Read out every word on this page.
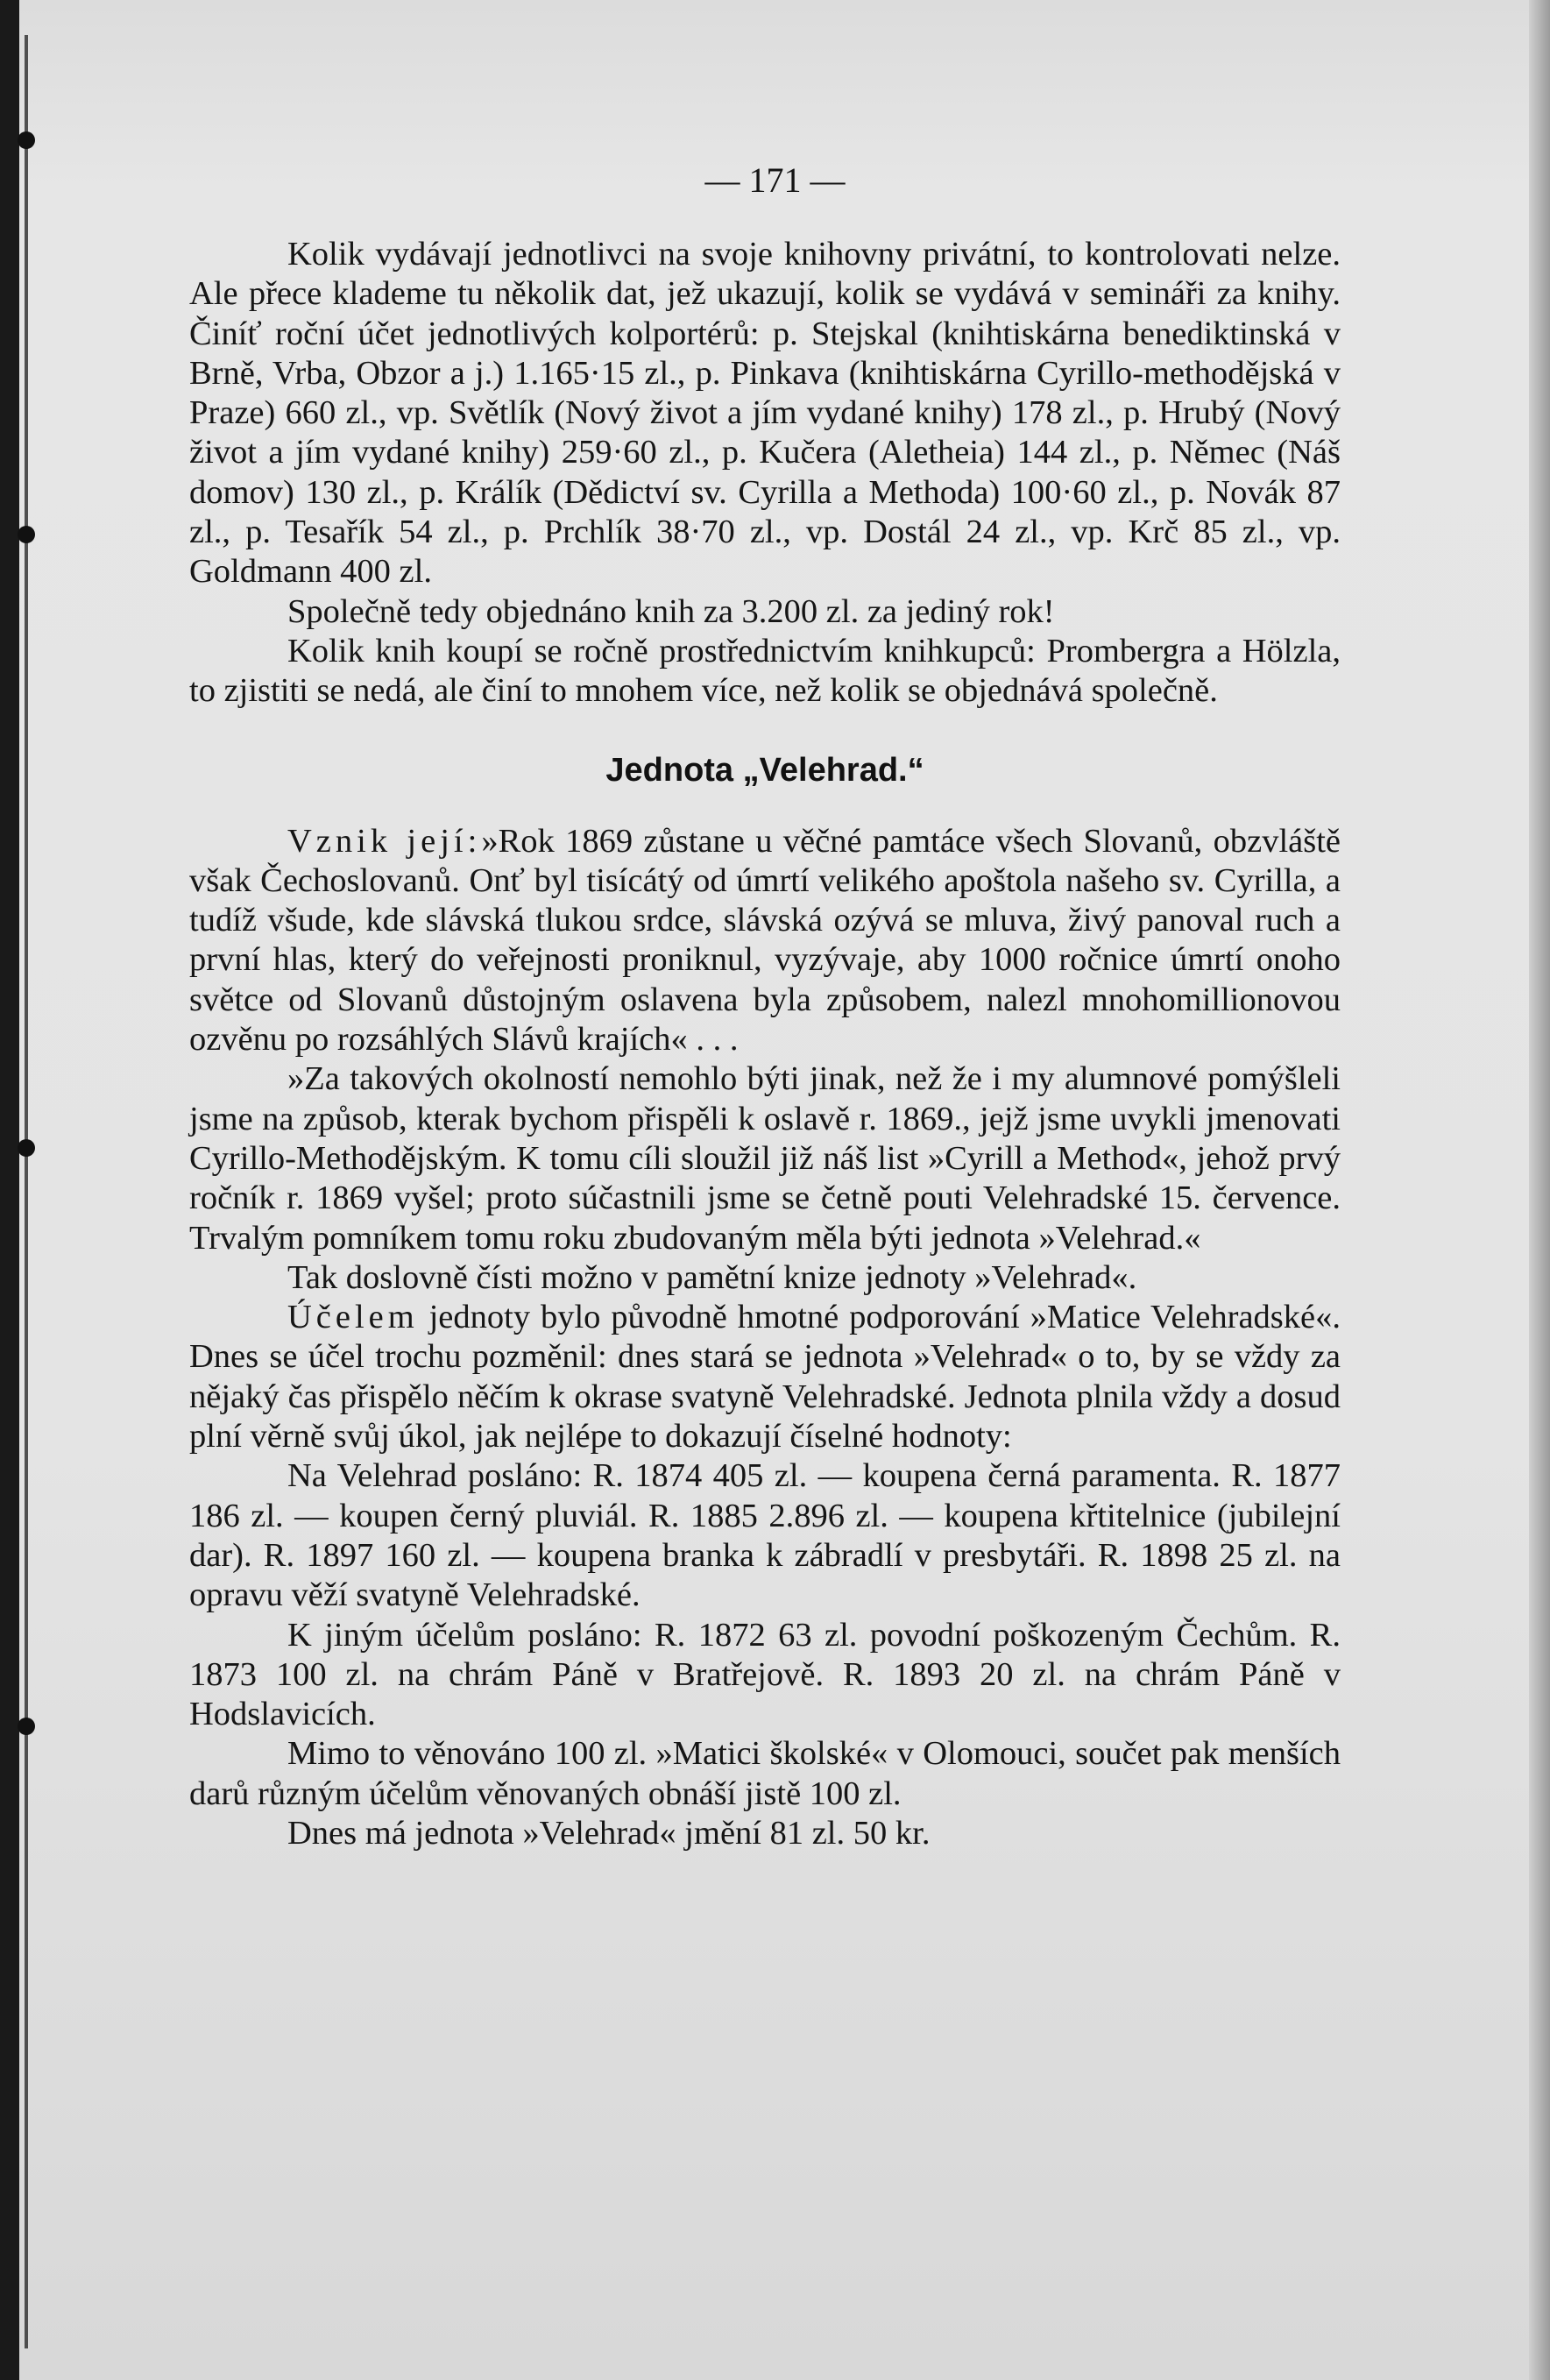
— 171 —

Kolik vydávají jednotlivci na svoje knihovny privátní, to kontrolovati nelze. Ale přece klademe tu několik dat, jež ukazují, kolik se vydává v semináři za knihy. Činíť roční účet jednotlivých kolportérů: p. Stejskal (knihtiskárna benediktinská v Brně, Vrba, Obzor a j.) 1.165·15 zl., p. Pinkava (knihtiskárna Cyrillo-methodějská v Praze) 660 zl., vp. Světlík (Nový život a jím vydané knihy) 178 zl., p. Hrubý (Nový život a jím vydané knihy) 259·60 zl., p. Kučera (Aletheia) 144 zl., p. Němec (Náš domov) 130 zl., p. Králík (Dědictví sv. Cyrilla a Methoda) 100·60 zl., p. Novák 87 zl., p. Tesařík 54 zl., p. Prchlík 38·70 zl., vp. Dostál 24 zl., vp. Krč 85 zl., vp. Goldmann 400 zl.

Společně tedy objednáno knih za 3.200 zl. za jediný rok!

Kolik knih koupí se ročně prostřednictvím knihkupců: Prombergra a Hölzla, to zjistiti se nedá, ale činí to mnohem více, než kolik se objednává společně.

Jednota „Velehrad.“

Vznik její:»Rok 1869 zůstane u věčné pamtáce všech Slovanů, obzvláště však Čechoslovanů. Onť byl tisícátý od úmrtí velikého apoštola našeho sv. Cyrilla, a tudíž všude, kde slávská tlukou srdce, slávská ozývá se mluva, živý panoval ruch a první hlas, který do veřejnosti proniknul, vyzývaje, aby 1000 ročnice úmrtí onoho světce od Slovanů důstojným oslavena byla způsobem, nalezl mnohomillionovou ozvěnu po rozsáhlých Slávů krajích« . . .

»Za takových okolností nemohlo býti jinak, než že i my alumnové pomýšleli jsme na způsob, kterak bychom přispěli k oslavě r. 1869., jejž jsme uvykli jmenovati Cyrillo-Methodějským. K tomu cíli sloužil již náš list »Cyrill a Method«, jehož prvý ročník r. 1869 vyšel; proto súčastnili jsme se četně pouti Velehradské 15. července. Trvalým pomníkem tomu roku zbudovaným měla býti jednota »Velehrad.«

Tak doslovně čísti možno v pamětní knize jednoty »Velehrad«.

Účelem jednoty bylo původně hmotné podporování »Matice Velehradské«. Dnes se účel trochu pozměnil: dnes stará se jednota »Velehrad« o to, by se vždy za nějaký čas přispělo něčím k okrase svatyně Velehradské. Jednota plnila vždy a dosud plní věrně svůj úkol, jak nejlépe to dokazují číselné hodnoty:

Na Velehrad posláno: R. 1874 405 zl. — koupena černá paramenta. R. 1877 186 zl. — koupen černý pluviál. R. 1885 2.896 zl. — koupena křtitelnice (jubilejní dar). R. 1897 160 zl. — koupena branka k zábradlí v presbytáři. R. 1898 25 zl. na opravu věží svatyně Velehradské.

K jiným účelům posláno: R. 1872 63 zl. povodní poškozeným Čechům. R. 1873 100 zl. na chrám Páně v Bratřejově. R. 1893 20 zl. na chrám Páně v Hodslavicích.

Mimo to věnováno 100 zl. »Matici školské« v Olomouci, součet pak menších darů různým účelům věnovaných obnáší jistě 100 zl.

Dnes má jednota »Velehrad« jmění 81 zl. 50 kr.
